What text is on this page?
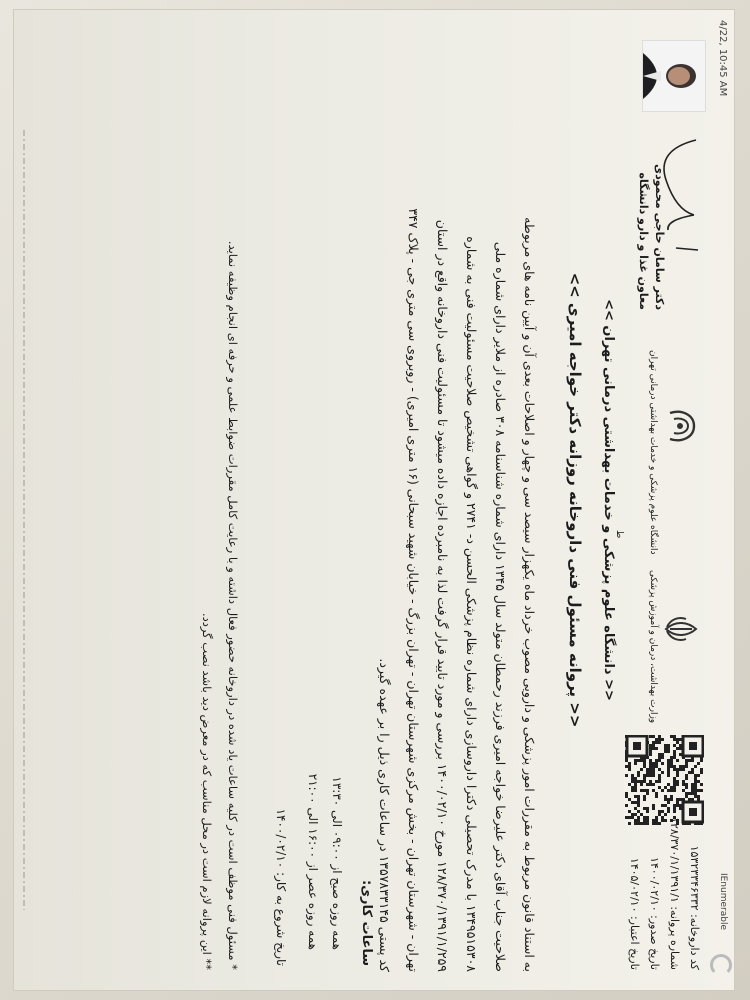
4/22, 10:45 AM
IEnumerable
دکتر سامان حاجی محمودی
معاون غذا و دارو دانشگاه
وزارت بهداشت، درمان و آموزش پزشکی
دانشگاه علوم پزشکی و خدمات بهداشتی درمانی تهران
ط
کد داروخانه: ۱۵۳۲۳۳۴۶۳۳۲
شماره پروانه: ۱۲۸/۳۷۰/۱/۱۳۹۱/۱
تاریخ صدور: ۱۴۰۰/۰۲/۱۰
تاریخ اعتبار: ۱۴۰۵/۰۲/۱۰
<< دانشگاه علوم پزشکی و خدمات بهداشتی درمانی تهران >>
<< پروانه مسئول فنی داروخانه روزانه دکتر خواجه امیری >>

به استناد قانون مربوط به مقررات امور پزشکی و دارویی مصوب خرداد ماه یکهزار سیصد سی و چهار و اصلاحات بعدی آن و آیین نامه های مربوطه

صلاحیت جناب آقای دکتر علیرضا خواجه امیری فرزند رحمطان متولد سال ۱۳۴۵ دارای شماره شناسنامه ۳۰۸ صادره از ملایر دارای شماره ملی

۱۳۴۹۵۱۵۳۰۸ با مدرک تحصیلی دکترا داروسازی دارای شماره نظام پزشکی الحسن د- ۲۷۴۱ و گواهی تشخیص صلاحیت مسئولیت فنی به شماره

۱۲۸/۳۷۰/۱۳۹۱/۱/۲۵۹ مورخ ۱۴۰۰/۰۲/۱۰ بررسی و مورد تایید قرار گرفت لذا به نامبرده اجازه داده میشود تا مسئولیت فنی داروخانه واقع در استان

تهران - شهرستان تهران - بخش مرکزی شهرستان تهران - تهران بزرگ - خیابان شهید سبحانی (۱۶ متری امیری) - روبروی سی متری جی - پلاک ۳۴۷

کد پستی ۱۳۵۷۸۳۳۱۴۵ در ساعات کاری ذیل را بر عهده گیرد.

ساعات کاری:
همه روزه صبح از ۰۹:۰۰ الی ۱۳:۳۰
همه روزه عصر از ۱۶:۰۰ الی ۲۱:۰۰
تاریخ شروع به کار: ۱۴۰۰/۰۲/۱۰
* مسئول فنی موظف است در کلیه ساعات یاد شده در داروخانه حضور فعال داشته و با رعایت کامل مقررات ضوابط علمی و حرفه ای انجام وظیفه نماید.
** این پروانه لازم است در محل مناسب که در معرض دید باشد نصب گردد.
